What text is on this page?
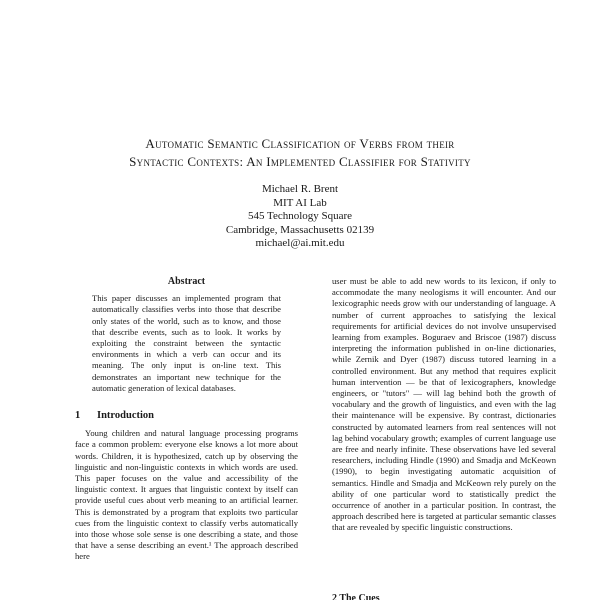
Automatic Semantic Classification of Verbs from their
Syntactic Contexts: An Implemented Classifier for Stativity
Michael R. Brent
MIT AI Lab
545 Technology Square
Cambridge, Massachusetts 02139
michael@ai.mit.edu
Abstract

This paper discusses an implemented program that automatically classifies verbs into those that describe only states of the world, such as to know, and those that describe events, such as to look. It works by exploiting the constraint between the syntactic environments in which a verb can occur and its meaning. The only input is on-line text. This demonstrates an important new technique for the automatic generation of lexical databases.

1 Introduction

Young children and natural language processing programs face a common problem: everyone else knows a lot more about words. Children, it is hypothesized, catch up by observing the linguistic and non-linguistic contexts in which words are used. This paper focuses on the value and accessibility of the linguistic context. It argues that linguistic context by itself can provide useful cues about verb meaning to an artificial learner. This is demonstrated by a program that exploits two particular cues from the linguistic context to classify verbs automatically into those whose sole sense is one describing a state, and those that have a sense describing an event.¹ The approach described here

user must be able to add new words to its lexicon, if only to accommodate the many neologisms it will encounter. And our lexicographic needs grow with our understanding of language. A number of current approaches to satisfying the lexical requirements for artificial devices do not involve unsupervised learning from examples. Boguraev and Briscoe (1987) discuss interpreting the information published in on-line dictionaries, while Zernik and Dyer (1987) discuss tutored learning in a controlled environment. But any method that requires explicit human intervention — be that of lexicographers, knowledge engineers, or "tutors" — will lag behind both the growth of vocabulary and the growth of linguistics, and even with the lag their maintenance will be expensive. By contrast, dictionaries constructed by automated learners from real sentences will not lag behind vocabulary growth; examples of current language use are free and nearly infinite. These observations have led several researchers, including Hindle (1990) and Smadja and McKeown (1990), to begin investigating automatic acquisition of semantics. Hindle and Smadja and McKeown rely purely on the ability of one particular word to statistically predict the occurrence of another in a particular position. In contrast, the approach described here is targeted at particular semantic classes that are revealed by specific linguistic constructions.

2 The Cues
